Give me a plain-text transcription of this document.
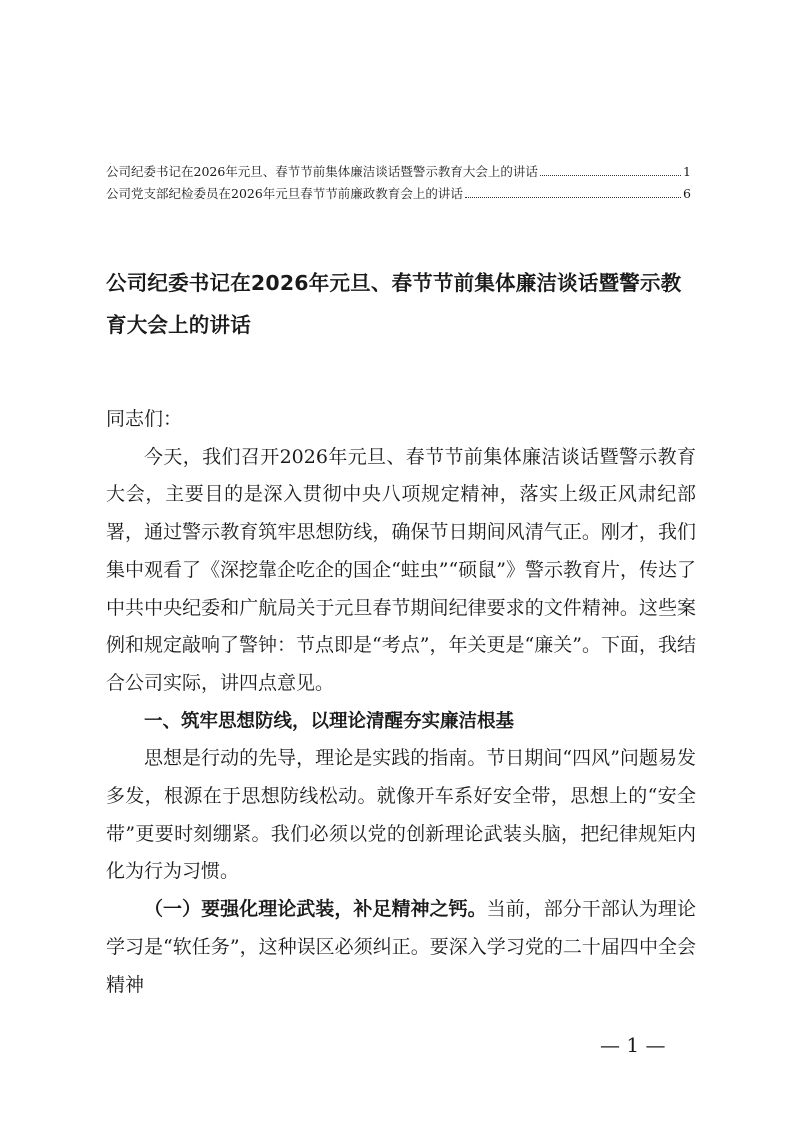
公司纪委书记在2026年元旦、春节节前集体廉洁谈话暨警示教育大会上的讲话	1
公司党支部纪检委员在2026年元旦春节节前廉政教育会上的讲话	6
公司纪委书记在2026年元旦、春节节前集体廉洁谈话暨警示教育大会上的讲话

同志们：

今天，我们召开2026年元旦、春节节前集体廉洁谈话暨警示教育大会，主要目的是深入贯彻中央八项规定精神，落实上级正风肃纪部署，通过警示教育筑牢思想防线，确保节日期间风清气正。刚才，我们集中观看了《深挖靠企吃企的国企“蛀虫”“硕鼠”》警示教育片，传达了中共中央纪委和广航局关于元旦春节期间纪律要求的文件精神。这些案例和规定敲响了警钟：节点即是“考点”，年关更是“廉关”。下面，我结合公司实际，讲四点意见。

一、筑牢思想防线，以理论清醒夯实廉洁根基

思想是行动的先导，理论是实践的指南。节日期间“四风”问题易发多发，根源在于思想防线松动。就像开车系好安全带，思想上的“安全带”更要时刻绷紧。我们必须以党的创新理论武装头脑，把纪律规矩内化为行为习惯。

（一）要强化理论武装，补足精神之钙。当前，部分干部认为理论学习是“软任务”，这种误区必须纠正。要深入学习党的二十届四中全会精神

— 1 —
